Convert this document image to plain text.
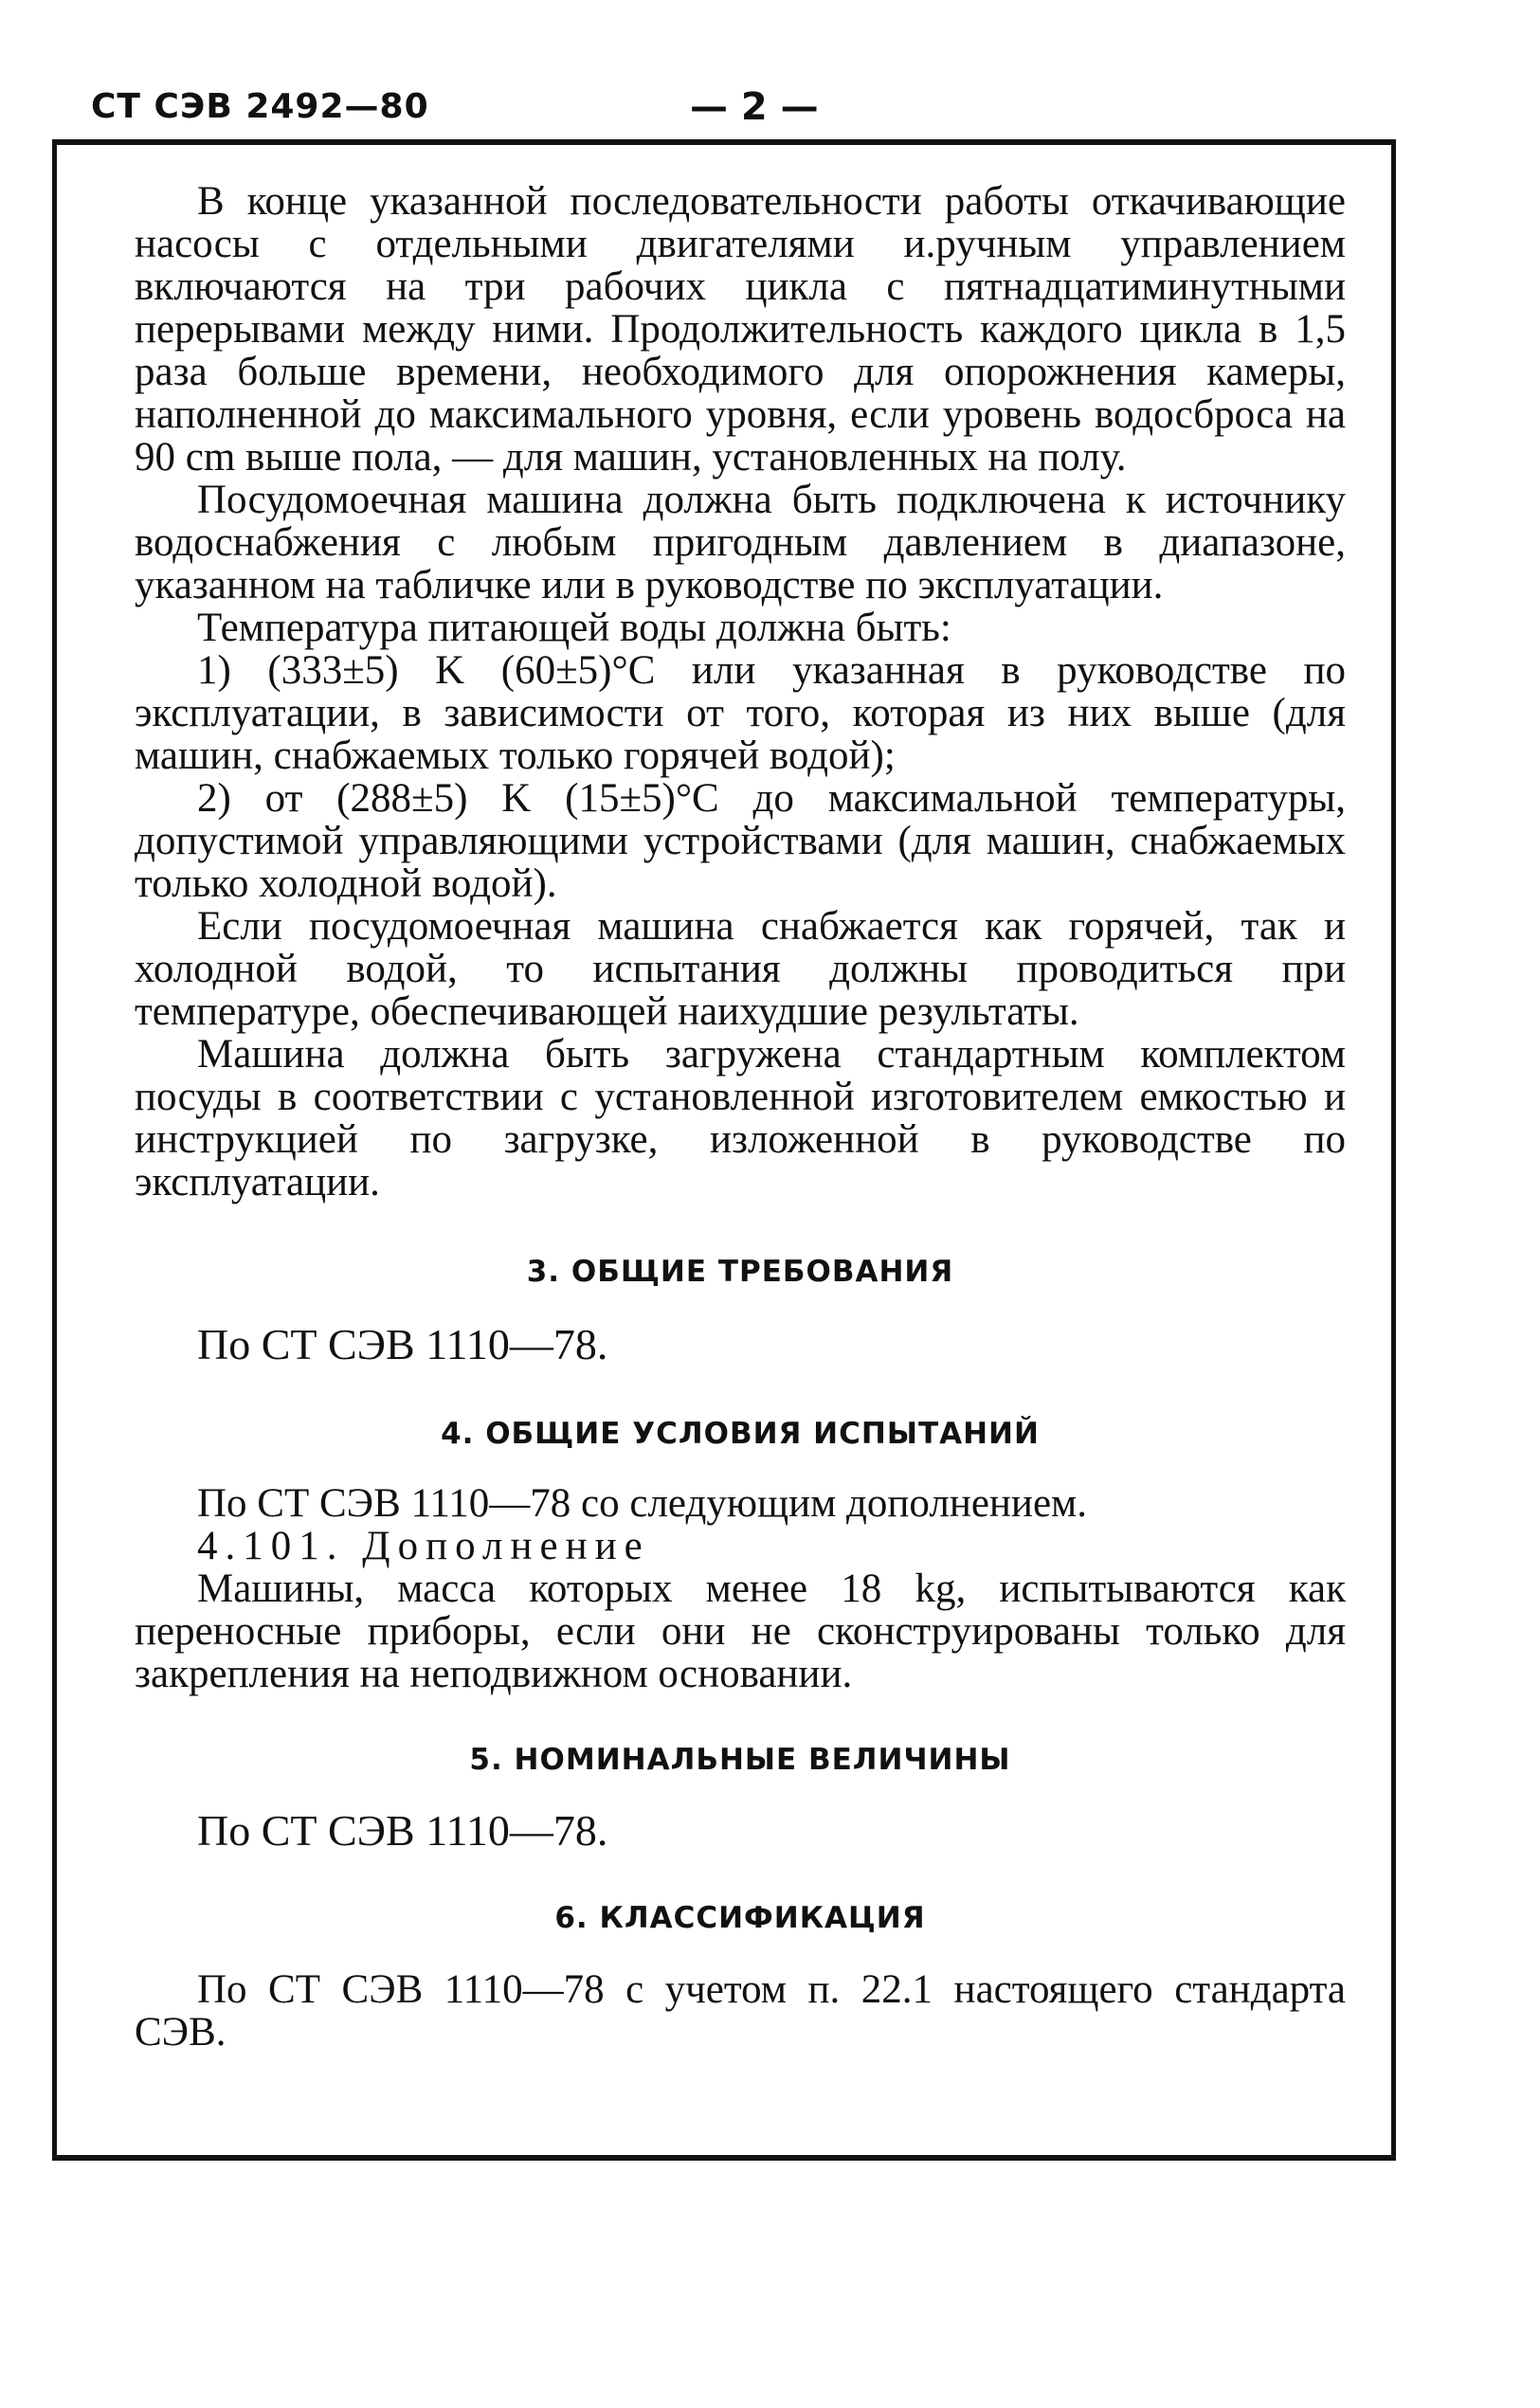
СТ СЭВ 2492—80	— 2 —

В конце указанной последовательности работы откачивающие насосы с отдельными двигателями и.ручным управлением включаются на три рабочих цикла с пятнадцатиминутными перерывами между ними. Продолжительность каждого цикла в 1,5 раза больше времени, необходимого для опорожнения камеры, наполненной до максимального уровня, если уровень водосброса на 90 cm выше пола, — для машин, установленных на полу.

Посудомоечная машина должна быть подключена к источнику водоснабжения с любым пригодным давлением в диапазоне, указанном на табличке или в руководстве по эксплуатации.

Температура питающей воды должна быть:

1) (333±5) K (60±5)°C или указанная в руководстве по эксплуатации, в зависимости от того, которая из них выше (для машин, снабжаемых только горячей водой);

2) от (288±5) K (15±5)°C до максимальной температуры, допустимой управляющими устройствами (для машин, снабжаемых только холодной водой).

Если посудомоечная машина снабжается как горячей, так и холодной водой, то испытания должны проводиться при температуре, обеспечивающей наихудшие результаты.

Машина должна быть загружена стандартным комплектом посуды в соответствии с установленной изготовителем емкостью и инструкцией по загрузке, изложенной в руководстве по эксплуатации.

3. ОБЩИЕ ТРЕБОВАНИЯ

По СТ СЭВ 1110—78.

4. ОБЩИЕ УСЛОВИЯ ИСПЫТАНИЙ

По СТ СЭВ 1110—78 со следующим дополнением.

4.101. Дополнение

Машины, масса которых менее 18 kg, испытываются как переносные приборы, если они не сконструированы только для закрепления на неподвижном основании.

5. НОМИНАЛЬНЫЕ ВЕЛИЧИНЫ

По СТ СЭВ 1110—78.

6. КЛАССИФИКАЦИЯ

По СТ СЭВ 1110—78 с учетом п. 22.1 настоящего стандарта СЭВ.
